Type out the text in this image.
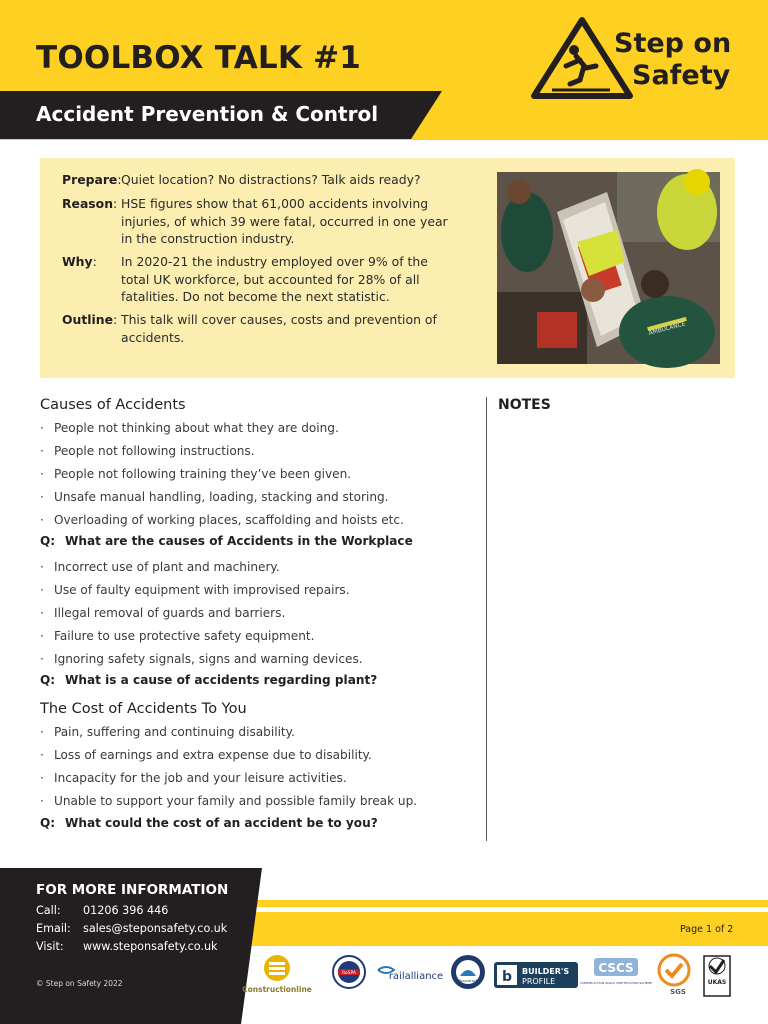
TOOLBOX TALK #1
Accident Prevention & Control
Step on
Safety
Prepare: Quiet location? No distractions? Talk aids ready?
Reason: HSE figures show that 61,000 accidents involving injuries, of which 39 were fatal, occurred in one year in the construction industry.
Why:	In 2020-21 the industry employed over 9% of the total UK workforce, but accounted for 28% of all fatalities. Do not become the next statistic.
Outline: This talk will cover causes, costs and prevention of accidents.
AMBULANCE
Causes of Accidents
· People not thinking about what they are doing.
· People not following instructions.
· People not following training they’ve been given.
· Unsafe manual handling, loading, stacking and storing.
· Overloading of working places, scaffolding and hoists etc.
Q: What are the causes of Accidents in the Workplace
· Incorrect use of plant and machinery.
· Use of faulty equipment with improvised repairs.
· Illegal removal of guards and barriers.
· Failure to use protective safety equipment.
· Ignoring safety signals, signs and warning devices.
Q: What is a cause of accidents regarding plant?
The Cost of Accidents To You
· Pain, suffering and continuing disability.
· Loss of earnings and extra expense due to disability.
· Incapacity for the job and your leisure activities.
· Unable to support your family and possible family break up.
Q: What could the cost of an accident be to you?
NOTES
Page 1 of 2
FOR MORE INFORMATION
Call: 01206 396 446
Email: sales@steponsafety.co.uk
Visit: www.steponsafety.co.uk
© Step on Safety 2022
Constructionline
RoSPA	railalliance	safecontractor b BUILDER'S
PROFILE
CSCS
CONSTRUCTION SKILLS CERTIFICATION SCHEME
SGS
UKAS
